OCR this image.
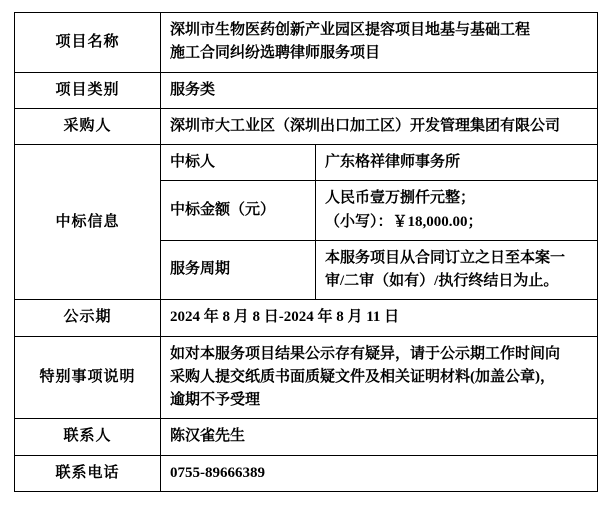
项目名称	深圳市生物医药创新产业园区提容项目地基与基础工程
施工合同纠纷选聘律师服务项目	

项目类别	服务类	
采购人	深圳市大工业区（深圳出口加工区）开发管理集团有限公司	
中标信息	中标人	广东格祥律师事务所
	中标金额（元）	人民币壹万捌仟元整；
（小写）：￥18,000.00；

	服务周期	本服务项目从合同订立之日至本案一
审/二审（如有）/执行终结日为止。

公示期	2024 年 8 月 8 日-2024 年 8 月 11 日	
特别事项说明	如对本服务项目结果公示存有疑异，请于公示期工作时间向
采购人提交纸质书面质疑文件及相关证明材料(加盖公章)，
逾期不予受理	

联系人	陈汉雀先生	
联系电话	0755-89666389	
